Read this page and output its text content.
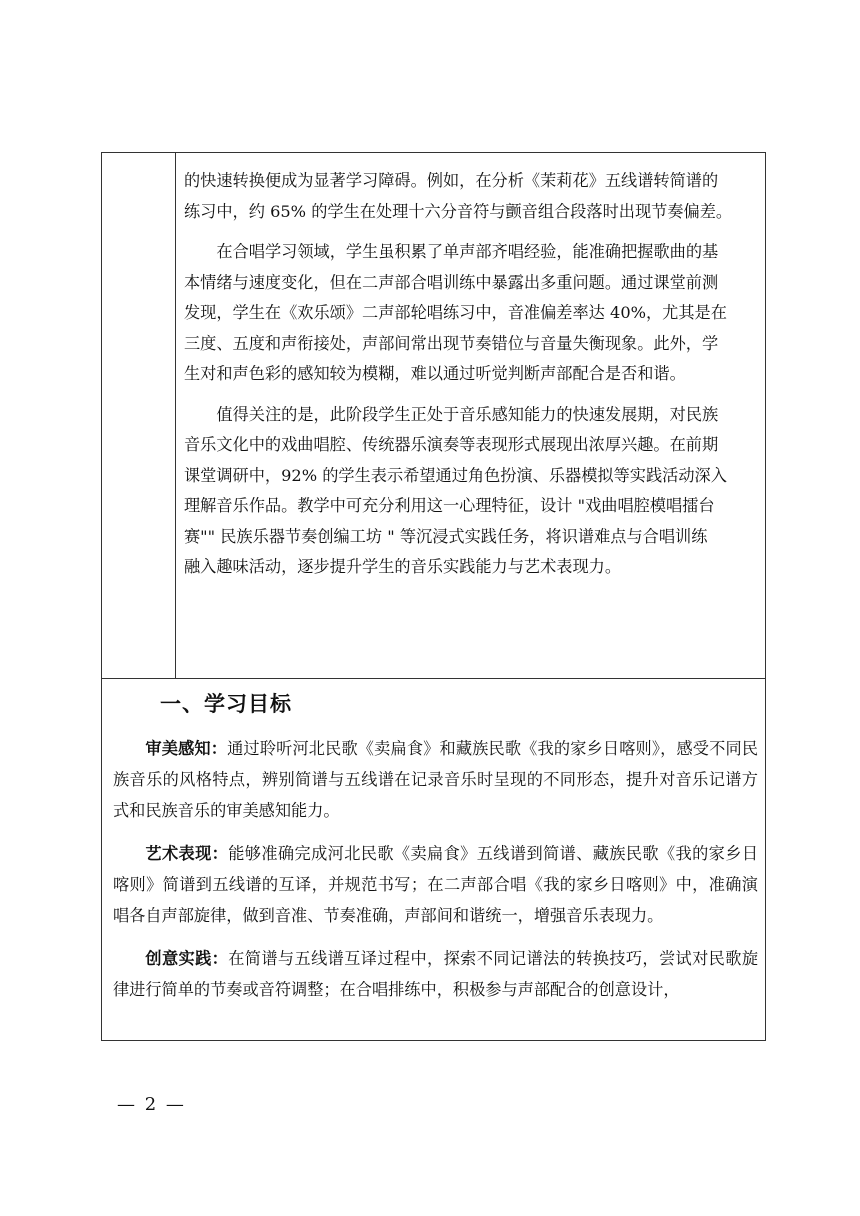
的快速转换便成为显著学习障碍。例如，在分析《茉莉花》五线谱转简谱的

练习中，约 65% 的学生在处理十六分音符与颤音组合段落时出现节奏偏差。

在合唱学习领域，学生虽积累了单声部齐唱经验，能准确把握歌曲的基

本情绪与速度变化，但在二声部合唱训练中暴露出多重问题。通过课堂前测

发现，学生在《欢乐颂》二声部轮唱练习中，音准偏差率达 40%，尤其是在

三度、五度和声衔接处，声部间常出现节奏错位与音量失衡现象。此外，学

生对和声色彩的感知较为模糊，难以通过听觉判断声部配合是否和谐。

值得关注的是，此阶段学生正处于音乐感知能力的快速发展期，对民族

音乐文化中的戏曲唱腔、传统器乐演奏等表现形式展现出浓厚兴趣。在前期

课堂调研中，92% 的学生表示希望通过角色扮演、乐器模拟等实践活动深入

理解音乐作品。教学中可充分利用这一心理特征，设计 "戏曲唱腔模唱擂台

赛"" 民族乐器节奏创编工坊 " 等沉浸式实践任务，将识谱难点与合唱训练

融入趣味活动，逐步提升学生的音乐实践能力与艺术表现力。

一、学习目标

审美感知：通过聆听河北民歌《卖扁食》和藏族民歌《我的家乡日喀则》，感受不同民族音乐的风格特点，辨别简谱与五线谱在记录音乐时呈现的不同形态，提升对音乐记谱方式和民族音乐的审美感知能力。

艺术表现：能够准确完成河北民歌《卖扁食》五线谱到简谱、藏族民歌《我的家乡日喀则》简谱到五线谱的互译，并规范书写；在二声部合唱《我的家乡日喀则》中，准确演唱各自声部旋律，做到音准、节奏准确，声部间和谐统一，增强音乐表现力。

创意实践：在简谱与五线谱互译过程中，探索不同记谱法的转换技巧，尝试对民歌旋律进行简单的节奏或音符调整；在合唱排练中，积极参与声部配合的创意设计，

— 2 —
